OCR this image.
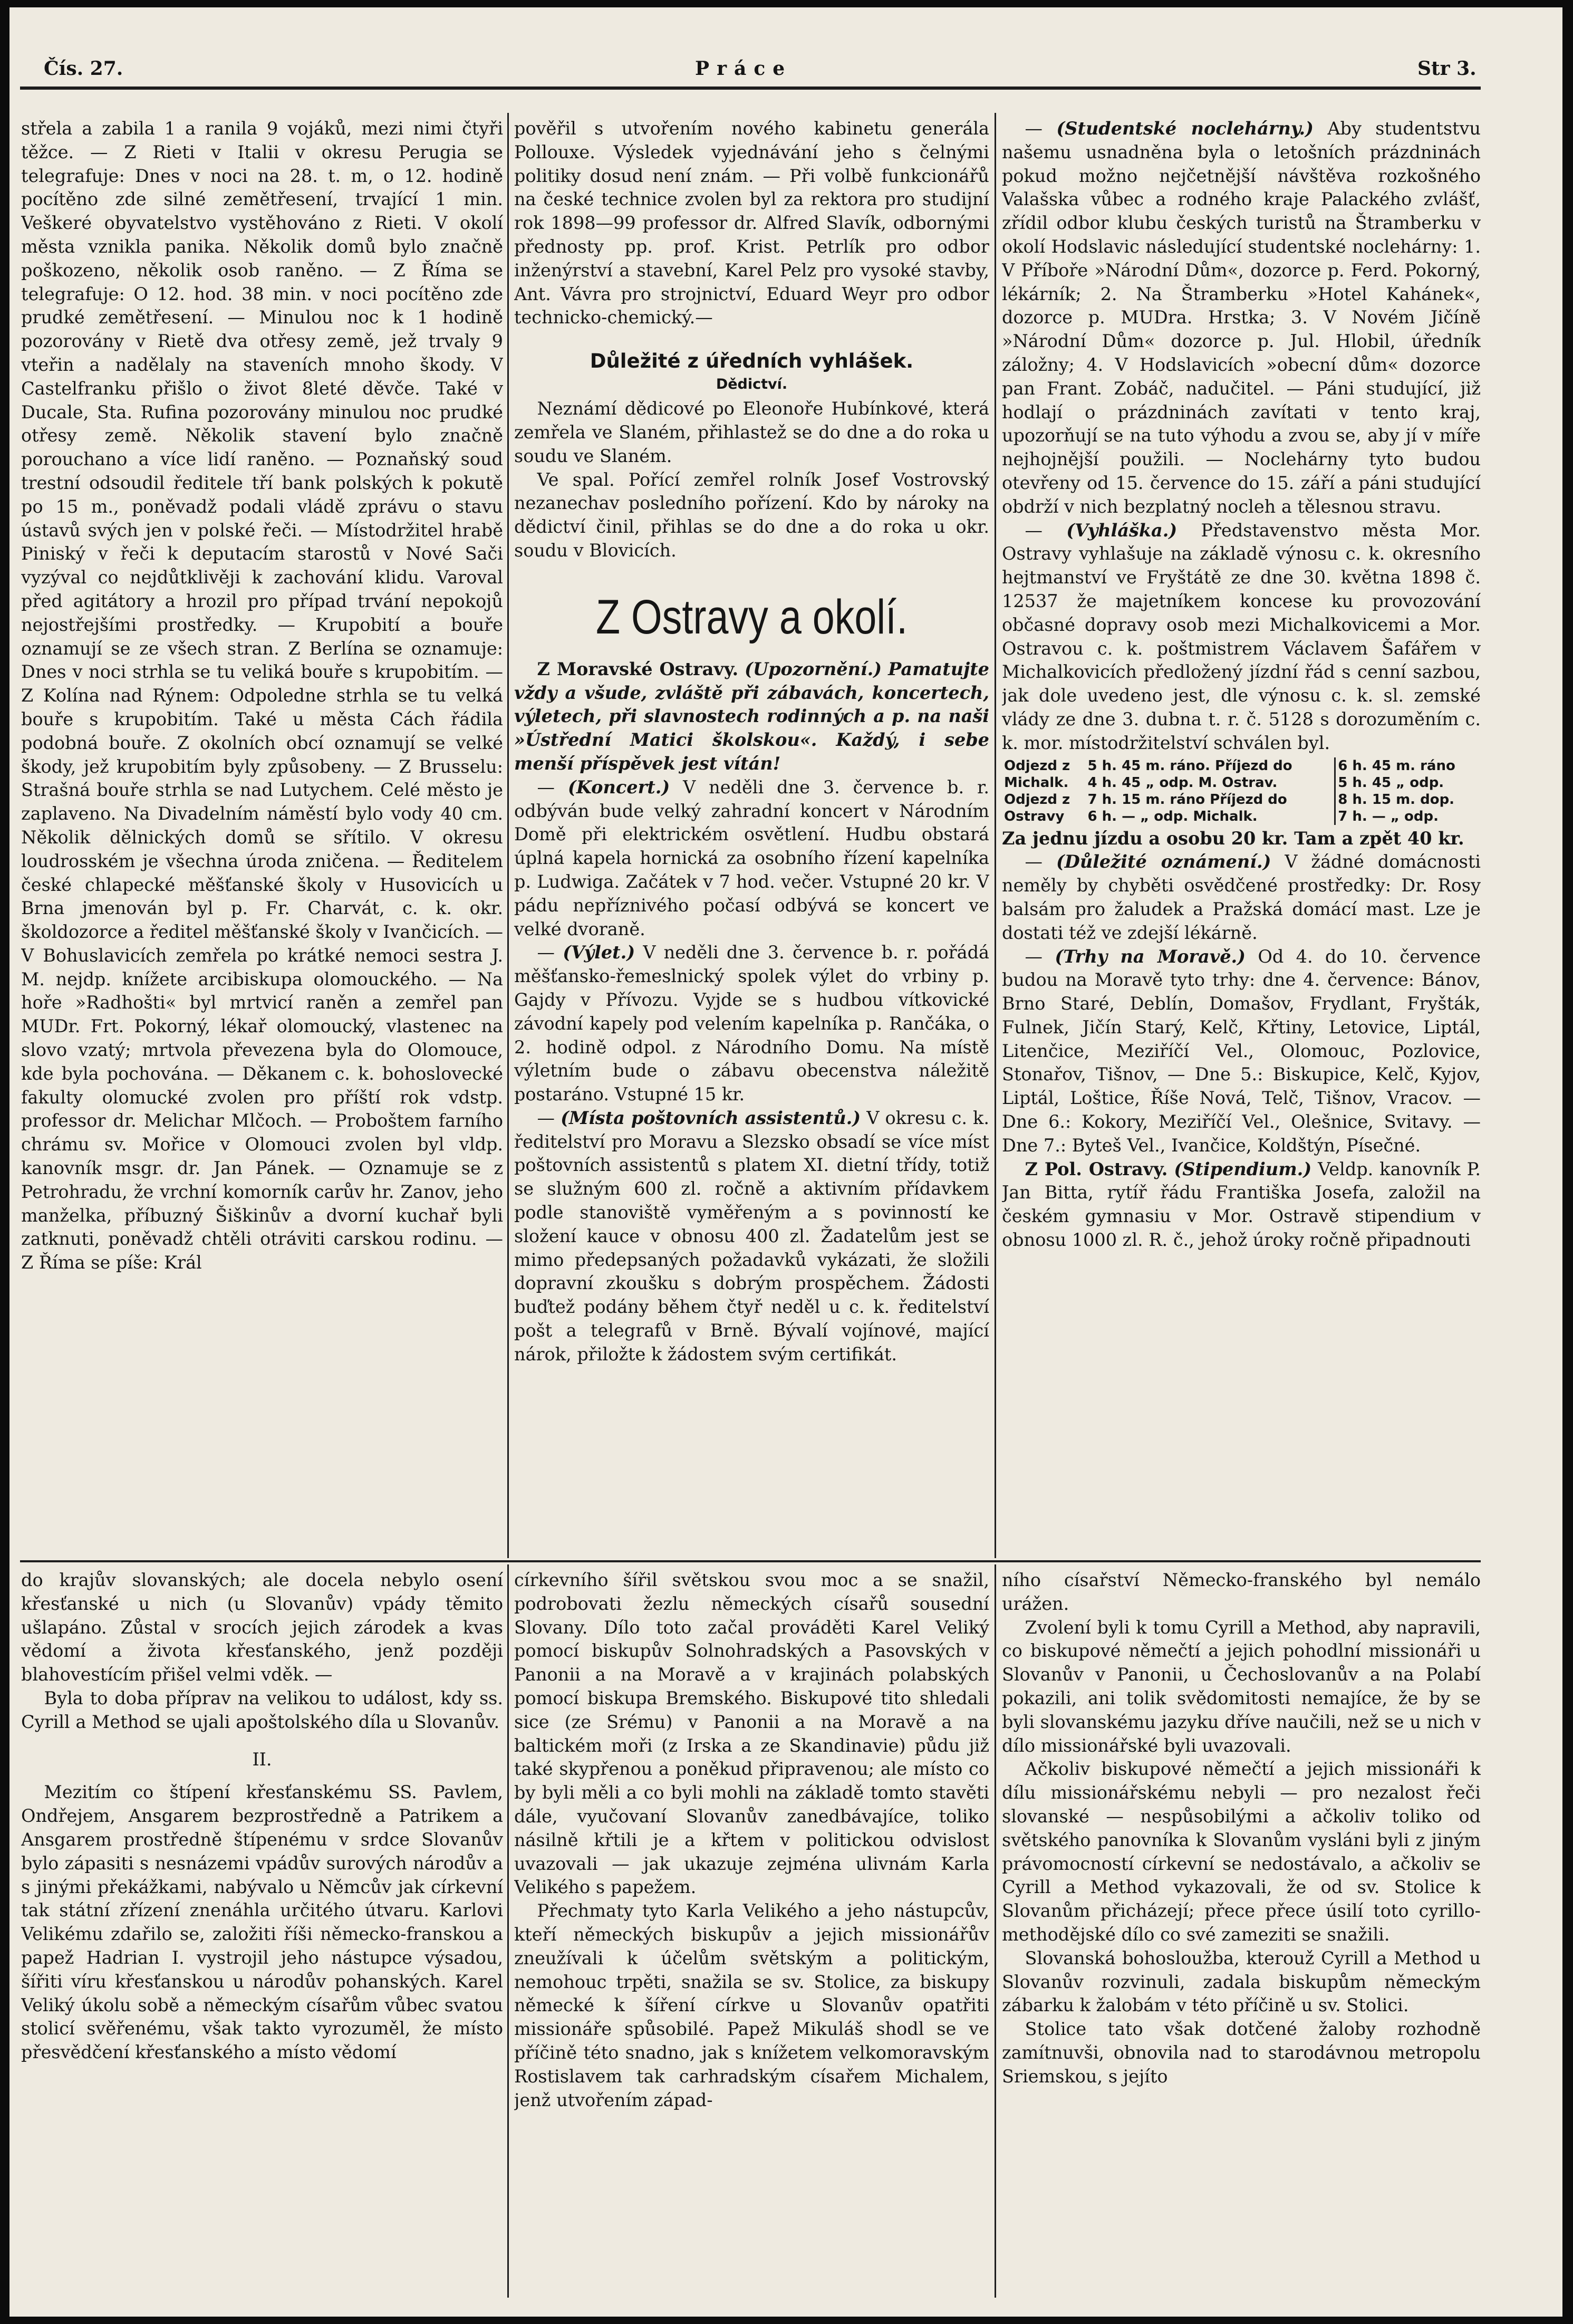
Čís. 27.	Práce	Str 3.

střela a zabila 1 a ranila 9 vojáků, mezi nimi čtyři těžce. — Z Rieti v Italii v okresu Perugia se telegrafuje: Dnes v noci na 28. t. m, o 12. hodině pocítěno zde silné zemětřesení, trvající 1 min. Veškeré obyvatelstvo vystěhováno z Rieti. V okolí města vznikla panika. Několik domů bylo značně poškozeno, několik osob raněno. — Z Říma se telegrafuje: O 12. hod. 38 min. v noci pocítěno zde prudké zemětřesení. — Minulou noc k 1 hodině pozorovány v Rietě dva otřesy země, jež trvaly 9 vteřin a nadělaly na staveních mnoho škody. V Castelfranku přišlo o život 8leté děvče. Také v Ducale, Sta. Rufina pozorovány minulou noc prudké otřesy země. Několik stavení bylo značně porouchano a více lidí raněno. — Poznaňský soud trestní odsoudil ředitele tří bank polských k pokutě po 15 m., poněvadž podali vládě zprávu o stavu ústavů svých jen v polské řeči. — Místodržitel hrabě Piniský v řeči k deputacím starostů v Nové Sači vyzýval co nejdůtklivěji k zachování klidu. Varoval před agitátory a hrozil pro případ trvání nepokojů nejostřejšími prostředky. — Krupobití a bouře oznamují se ze všech stran. Z Berlína se oznamuje: Dnes v noci strhla se tu veliká bouře s krupobitím. — Z Kolína nad Rýnem: Odpoledne strhla se tu velká bouře s krupobitím. Také u města Cách řádila podobná bouře. Z okolních obcí oznamují se velké škody, jež krupobitím byly způsobeny. — Z Brusselu: Strašná bouře strhla se nad Lutychem. Celé město je zaplaveno. Na Divadelním náměstí bylo vody 40 cm. Několik dělnických domů se sřítilo. V okresu loudrosském je všechna úroda zničena. — Ředitelem české chlapecké měšťanské školy v Husovicích u Brna jmenován byl p. Fr. Charvát, c. k. okr. školdozorce a ředitel měšťanské školy v Ivančicích. — V Bohuslavicích zemřela po krátké nemoci sestra J. M. nejdp. knížete arcibiskupa olomouckého. — Na hoře »Radhošti« byl mrtvicí raněn a zemřel pan MUDr. Frt. Pokorný, lékař olomoucký, vlastenec na slovo vzatý; mrtvola převezena byla do Olomouce, kde byla pochována. — Děkanem c. k. bohoslovecké fakulty olomucké zvolen pro příští rok vdstp. professor dr. Melichar Mlčoch. — Proboštem farního chrámu sv. Mořice v Olomouci zvolen byl vldp. kanovník msgr. dr. Jan Pánek. — Oznamuje se z Petrohradu, že vrchní komorník carův hr. Zanov, jeho manželka, příbuzný Šiškinův a dvorní kuchař byli zatknuti, poněvadž chtěli otráviti carskou rodinu. — Z Říma se píše: Král

pověřil s utvořením nového kabinetu generála Pollouxe. Výsledek vyjednávání jeho s čelnými politiky dosud není znám. — Při volbě funkcionářů na české technice zvolen byl za rektora pro studijní rok 1898—99 professor dr. Alfred Slavík, odbornými přednosty pp. prof. Krist. Petrlík pro odbor inženýrství a stavební, Karel Pelz pro vysoké stavby, Ant. Vávra pro strojnictví, Eduard Weyr pro odbor technicko-chemický.—

Důležité z úředních vyhlášek.
Dědictví.

Neznámí dědicové po Eleonoře Hubínkové, která zemřela ve Slaném, přihlastež se do dne a do roka u soudu ve Slaném.

Ve spal. Pořící zemřel rolník Josef Vostrovský nezanechav posledního pořízení. Kdo by nároky na dědictví činil, přihlas se do dne a do roka u okr. soudu v Blovicích.

Z Ostravy a okolí.

Z Moravské Ostravy. (Upozornění.) Pamatujte vždy a všude, zvláště při zábavách, koncertech, výletech, při slavnostech rodinných a p. na naši »Ústřední Matici školskou«. Každý, i sebe menší příspěvek jest vítán!

— (Koncert.) V neděli dne 3. července b. r. odbýván bude velký zahradní koncert v Národním Domě při elektrickém osvětlení. Hudbu obstará úplná kapela hornická za osobního řízení kapelníka p. Ludwiga. Začátek v 7 hod. večer. Vstupné 20 kr. V pádu nepříznivého počasí odbývá se koncert ve velké dvoraně.

— (Výlet.) V neděli dne 3. července b. r. pořádá měšťansko-řemeslnický spolek výlet do vrbiny p. Gajdy v Přívozu. Vyjde se s hudbou vítkovické závodní kapely pod velením kapelníka p. Rančáka, o 2. hodině odpol. z Národního Domu. Na místě výletním bude o zábavu obecenstva náležitě postaráno. Vstupné 15 kr.

— (Místa poštovních assistentů.) V okresu c. k. ředitelství pro Moravu a Slezsko obsadí se více míst poštovních assistentů s platem XI. dietní třídy, totiž se služným 600 zl. ročně a aktivním přídavkem podle stanoviště vyměřeným a s povinností ke složení kauce v obnosu 400 zl. Žadatelům jest se mimo předepsaných požadavků vykázati, že složili dopravní zkoušku s dobrým prospěchem. Žádosti buďtež podány během čtyř neděl u c. k. ředitelství pošt a telegrafů v Brně. Bývalí vojínové, mající nárok, přiložte k žádostem svým certifikát.

— (Studentské noclehárny.) Aby studentstvu našemu usnadněna byla o letošních prázdninách pokud možno nejčetnější návštěva rozkošného Valašska vůbec a rodného kraje Palackého zvlášť, zřídil odbor klubu českých turistů na Štramberku v okolí Hodslavic následující studentské noclehárny: 1. V Příboře »Národní Dům«, dozorce p. Ferd. Pokorný, lékárník; 2. Na Štramberku »Hotel Kahánek«, dozorce p. MUDra. Hrstka; 3. V Novém Jičíně »Národní Dům« dozorce p. Jul. Hlobil, úředník záložny; 4. V Hodslavicích »obecní dům« dozorce pan Frant. Zobáč, nadučitel. — Páni studující, již hodlají o prázdninách zavítati v tento kraj, upozorňují se na tuto výhodu a zvou se, aby jí v míře nejhojnější použili. — Noclehárny tyto budou otevřeny od 15. července do 15. září a páni studující obdrží v nich bezplatný nocleh a tělesnou stravu.

— (Vyhláška.) Představenstvo města Mor. Ostravy vyhlašuje na základě výnosu c. k. okresního hejtmanství ve Fryštátě ze dne 30. května 1898 č. 12537 že majetníkem koncese ku provozování občasné dopravy osob mezi Michalkovicemi a Mor. Ostravou c. k. poštmistrem Václavem Šafářem v Michalkovicích předložený jízdní řád s cenní sazbou, jak dole uvedeno jest, dle výnosu c. k. sl. zemské vlády ze dne 3. dubna t. r. č. 5128 s dorozuměním c. k. mor. místodržitelství schválen byl.

Odjezd z	5 h. 45 m. ráno. Příjezd do	6 h. 45 m. ráno
Michalk.	4 h. 45 „ odp. M. Ostrav.	5 h. 45 „ odp.
Odjezd z	7 h. 15 m. ráno Příjezd do	8 h. 15 m. dop.
Ostravy	6 h. — „ odp. Michalk.	7 h. — „ odp.

Za jednu jízdu a osobu 20 kr. Tam a zpět 40 kr.

— (Důležité oznámení.) V žádné domácnosti neměly by chyběti osvědčené prostředky: Dr. Rosy balsám pro žaludek a Pražská domácí mast. Lze je dostati též ve zdejší lékárně.

— (Trhy na Moravě.) Od 4. do 10. července budou na Moravě tyto trhy: dne 4. července: Bánov, Brno Staré, Deblín, Domašov, Frydlant, Fryšták, Fulnek, Jičín Starý, Kelč, Křtiny, Letovice, Liptál, Litenčice, Meziříčí Vel., Olomouc, Pozlovice, Stonařov, Tišnov, — Dne 5.: Biskupice, Kelč, Kyjov, Liptál, Loštice, Říše Nová, Telč, Tišnov, Vracov. — Dne 6.: Kokory, Meziříčí Vel., Olešnice, Svitavy. — Dne 7.: Byteš Vel., Ivančice, Koldštýn, Písečné.

Z Pol. Ostravy. (Stipendium.) Veldp. kanovník P. Jan Bitta, rytíř řádu Františka Josefa, založil na českém gymnasiu v Mor. Ostravě stipendium v obnosu 1000 zl. R. č., jehož úroky ročně připadnouti

do krajův slovanských; ale docela nebylo osení křesťanské u nich (u Slovanův) vpády těmito ušlapáno. Zůstal v srocích jejich zárodek a kvas vědomí a života křesťanského, jenž později blahovestícím přišel velmi vděk. —

Byla to doba příprav na velikou to událost, kdy ss. Cyrill a Method se ujali apoštolského díla u Slovanův.

II.

Mezitím co štípení křesťanskému SS. Pavlem, Ondřejem, Ansgarem bezprostředně a Patrikem a Ansgarem prostředně štípenému v srdce Slovanův bylo zápasiti s nesnázemi vpádův surových národův a s jinými překážkami, nabývalo u Němcův jak církevní tak státní zřízení znenáhla určitého útvaru. Karlovi Velikému zdařilo se, založiti říši německo-franskou a papež Hadrian I. vystrojil jeho nástupce výsadou, šířiti víru křesťanskou u národův pohanských. Karel Veliký úkolu sobě a německým císařům vůbec svatou stolicí svěřenému, však takto vyrozuměl, že místo přesvědčení křesťanského a místo vědomí

církevního šířil světskou svou moc a se snažil, podrobovati žezlu německých císařů sousední Slovany. Dílo toto začal prováděti Karel Veliký pomocí biskupův Solnohradských a Pasovských v Panonii a na Moravě a v krajinách polabských pomocí biskupa Bremského. Biskupové tito shledali sice (ze Srému) v Panonii a na Moravě a na baltickém moři (z Irska a ze Skandinavie) půdu již také skypřenou a poněkud připravenou; ale místo co by byli měli a co byli mohli na základě tomto stavěti dále, vyučovaní Slovanův zanedbávajíce, toliko násilně křtili je a křtem v politickou odvislost uvazovali — jak ukazuje zejména ulivnám Karla Velikého s papežem.

Přechmaty tyto Karla Velikého a jeho nástupcův, kteří německých biskupův a jejich missionářův zneužívali k účelům světským a politickým, nemohouc trpěti, snažila se sv. Stolice, za biskupy německé k šíření církve u Slovanův opatřiti missionáře spůsobilé. Papež Mikuláš shodl se ve příčině této snadno, jak s knížetem velkomoravským Rostislavem tak carhradským císařem Michalem, jenž utvořením západ-

ního císařství Německo-franského byl nemálo urážen.

Zvolení byli k tomu Cyrill a Method, aby napravili, co biskupové němečtí a jejich pohodlní missionáři u Slovanův v Panonii, u Čechoslovanův a na Polabí pokazili, ani tolik svědomitosti nemajíce, že by se byli slovanskému jazyku dříve naučili, než se u nich v dílo missionářské byli uvazovali.

Ačkoliv biskupové němečtí a jejich missionáři k dílu missionářskému nebyli — pro nezalost řeči slovanské — nespůsobilými a ačkoliv toliko od světského panovníka k Slovanům vysláni byli z jiným právomocností církevní se nedostávalo, a ačkoliv se Cyrill a Method vykazovali, že od sv. Stolice k Slovanům přicházejí; přece přece úsilí toto cyrillo-methodějské dílo co své zameziti se snažili.

Slovanská bohosloužba, kterouž Cyrill a Method u Slovanův rozvinuli, zadala biskupům německým zábarku k žalobám v této příčině u sv. Stolici.

Stolice tato však dotčené žaloby rozhodně zamítnuvši, obnovila nad to starodávnou metropolu Sriemskou, s jejíto
